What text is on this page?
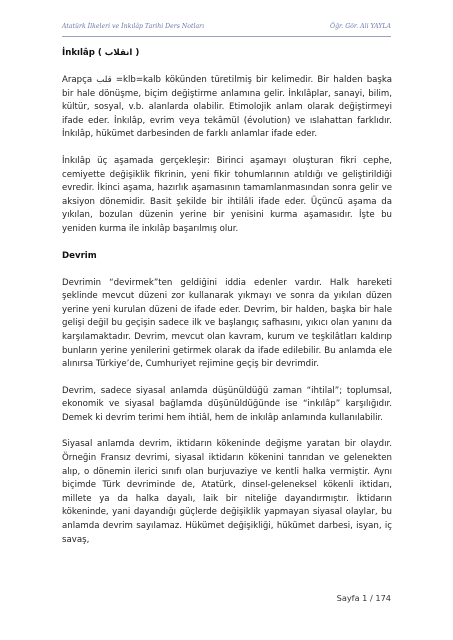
Atatürk İlkeleri ve İnkılâp Tarihi Ders Notları	Öğr. Gör. Ali YAYLA
İnkılâp ( انقلاب )

Arapça قلب =klb=kalb kökünden türetilmiş bir kelimedir. Bir halden başka bir hale dönüşme, biçim değiştirme anlamına gelir. İnkılâplar, sanayi, bilim, kültür, sosyal, v.b. alanlarda olabilir. Etimolojik anlam olarak değiştirmeyi ifade eder. İnkılâp, evrim veya tekâmül (évolution) ve ıslahattan farklıdır. İnkılâp, hükümet darbesinden de farklı anlamlar ifade eder.

İnkılâp üç aşamada gerçekleşir: Birinci aşamayı oluşturan fikri cephe, cemiyette değişiklik fikrinin, yeni fikir tohumlarının atıldığı ve geliştirildiği evredir. İkinci aşama, hazırlık aşamasının tamamlanmasından sonra gelir ve aksiyon dönemidir. Basit şekilde bir ihtilâli ifade eder. Üçüncü aşama da yıkılan, bozulan düzenin yerine bir yenisini kurma aşamasıdır. İşte bu yeniden kurma ile inkılâp başarılmış olur.

Devrim

Devrimin “devirmek”ten geldiğini iddia edenler vardır. Halk hareketi şeklinde mevcut düzeni zor kullanarak yıkmayı ve sonra da yıkılan düzen yerine yeni kurulan düzeni de ifade eder. Devrim, bir halden, başka bir hale gelişi değil bu geçişin sadece ilk ve başlangıç safhasını, yıkıcı olan yanını da karşılamaktadır. Devrim, mevcut olan kavram, kurum ve teşkilâtları kaldırıp bunların yerine yenilerini getirmek olarak da ifade edilebilir. Bu anlamda ele alınırsa Türkiye’de, Cumhuriyet rejimine geçiş bir devrimdir.

Devrim, sadece siyasal anlamda düşünüldüğü zaman “ihtilal”; toplumsal, ekonomik ve siyasal bağlamda düşünüldüğünde ise “inkılâp” karşılığıdır. Demek ki devrim terimi hem ihtiâl, hem de inkılâp anlamında kullanılabilir.

Siyasal anlamda devrim, iktidarın kökeninde değişme yaratan bir olaydır. Örneğin Fransız devrimi, siyasal iktidarın kökenini tanrıdan ve gelenekten alıp, o dönemin ilerici sınıfı olan burjuvaziye ve kentli halka vermiştir. Aynı biçimde Türk devriminde de, Atatürk, dinsel-geleneksel kökenli iktidarı, millete ya da halka dayalı, laik bir niteliğe dayandırmıştır. İktidarın kökeninde, yani dayandığı güçlerde değişiklik yapmayan siyasal olaylar, bu anlamda devrim sayılamaz. Hükümet değişikliği, hükümet darbesi, isyan, iç savaş,

Sayfa 1 / 174
